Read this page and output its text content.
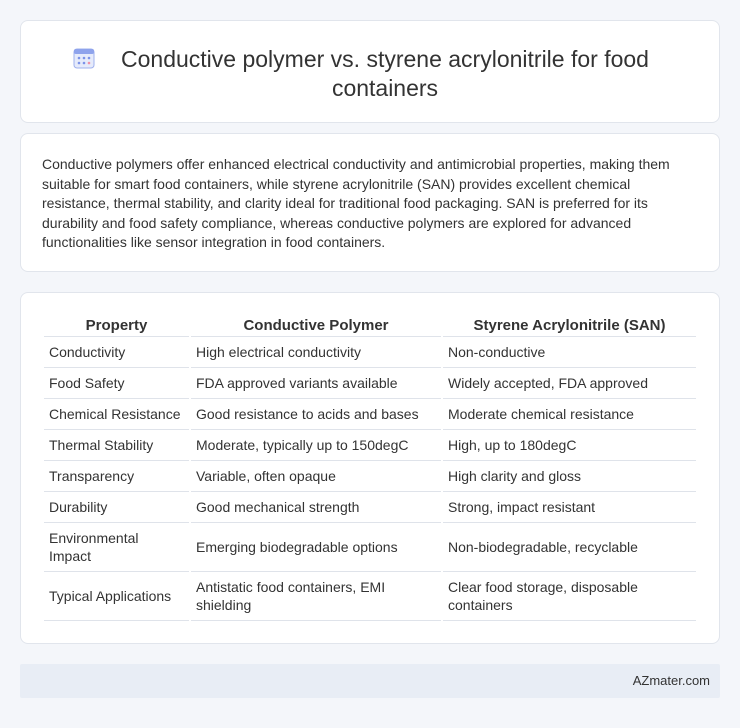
Conductive polymer vs. styrene acrylonitrile for food containers

Conductive polymers offer enhanced electrical conductivity and antimicrobial properties, making them suitable for smart food containers, while styrene acrylonitrile (SAN) provides excellent chemical resistance, thermal stability, and clarity ideal for traditional food packaging. SAN is preferred for its durability and food safety compliance, whereas conductive polymers are explored for advanced functionalities like sensor integration in food containers.

Property	Conductive Polymer	Styrene Acrylonitrile (SAN)
Conductivity	High electrical conductivity	Non-conductive
Food Safety	FDA approved variants available	Widely accepted, FDA approved
Chemical Resistance	Good resistance to acids and bases	Moderate chemical resistance
Thermal Stability	Moderate, typically up to 150degC	High, up to 180degC
Transparency	Variable, often opaque	High clarity and gloss
Durability	Good mechanical strength	Strong, impact resistant
Environmental Impact	Emerging biodegradable options	Non-biodegradable, recyclable
Typical Applications	Antistatic food containers, EMI shielding	Clear food storage, disposable containers
AZmater.com
